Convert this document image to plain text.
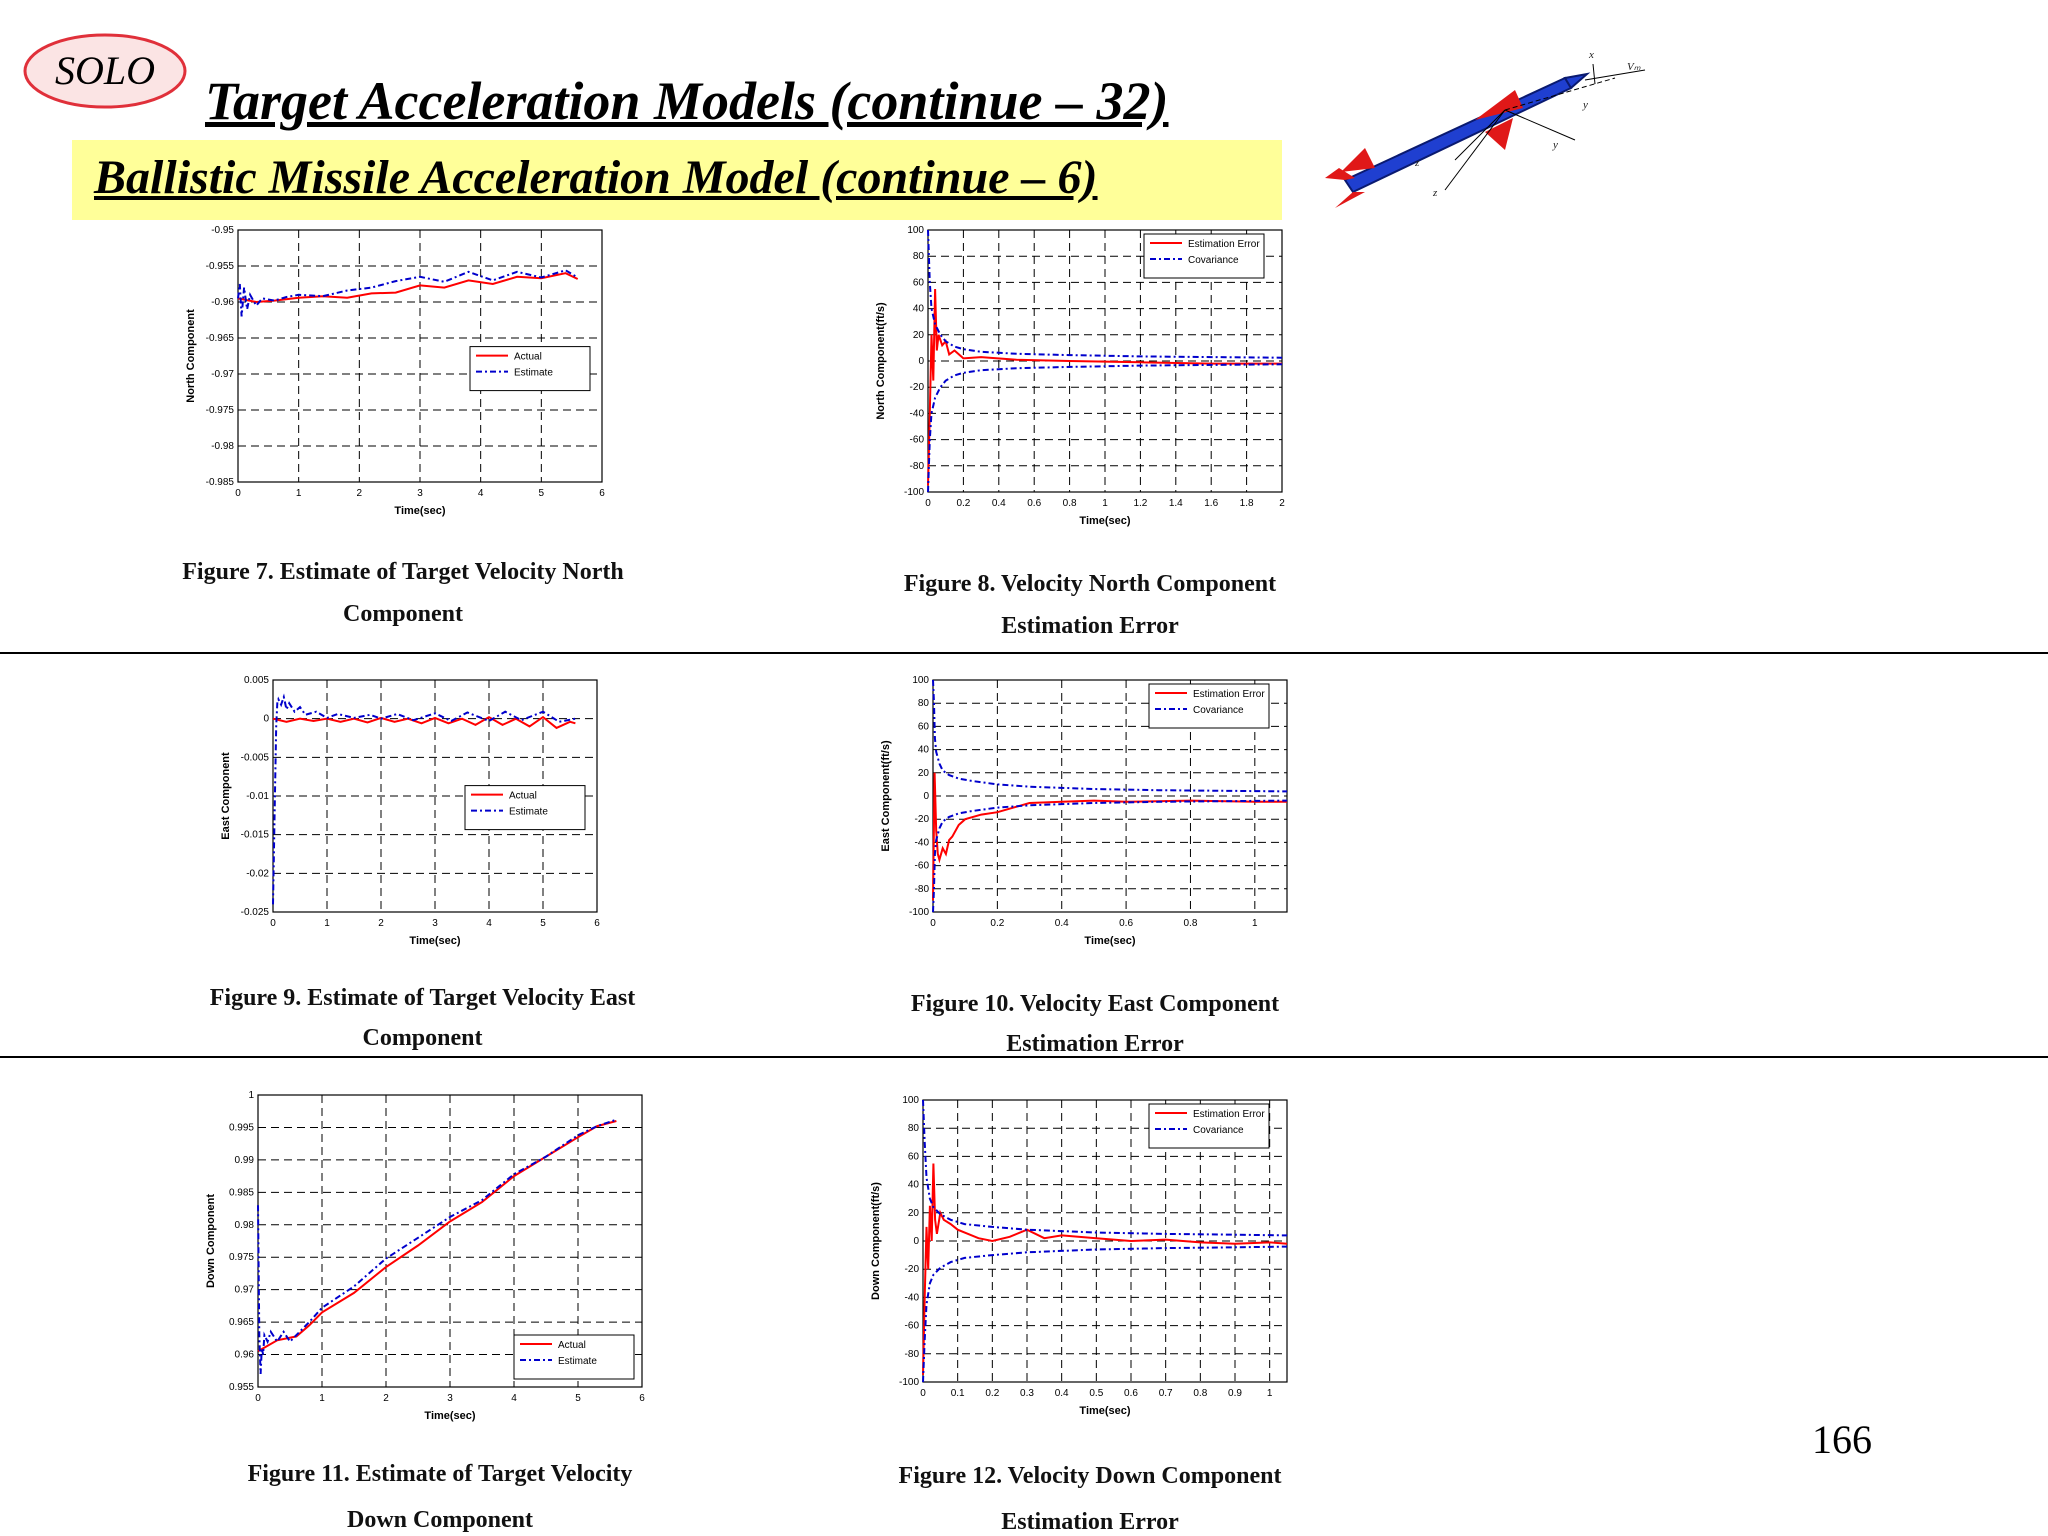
SOLO
Target Acceleration Models (continue – 32)
Ballistic Missile Acceleration Model (continue – 6)
Vₘ
x
y
z
z
y
0	1	2	3	4	5	6
-0.95
-0.955
-0.96
-0.965
-0.97
-0.975
-0.98
-0.985
Time(sec)
North Component	Actual
Estimate
0	0.2 0.4 0.6 0.8	1	1.2 1.4 1.6 1.8	2
100
80
60
40
20
0
-20
-40
-60
-80
-100
Time(sec)
North Component(ft/s)
Estimation Error
Covariance
0	1	2	3	4	5	6
0.005
0
-0.005
-0.01
-0.015
-0.02
-0.025
Time(sec)
East Component	Actual
Estimate
0	0.2	0.4	0.6	0.8	1
100
80
60
40
20
0
-20
-40
-60
-80
-100
Time(sec)
East Component(ft/s)
Estimation Error
Covariance
0	1	2	3	4	5	6
1
0.995
0.99
0.985
0.98
0.975
0.97
0.965
0.96
0.955
Time(sec)
Down Component
Actual
Estimate
0 0.1 0.2 0.3 0.4 0.5 0.6 0.7 0.8 0.9 1
100
80
60
40
20
0
-20
-40
-60
-80
-100
Time(sec)
Down Component(ft/s)
Estimation Error
Covariance
Figure 7. Estimate of Target Velocity North
Component
Figure 8. Velocity North Component
Estimation Error
Figure 9. Estimate of Target Velocity East
Component
Figure 10. Velocity East Component
Estimation Error
Figure 11. Estimate of Target Velocity
Down Component
Figure 12. Velocity Down Component
Estimation Error
166
